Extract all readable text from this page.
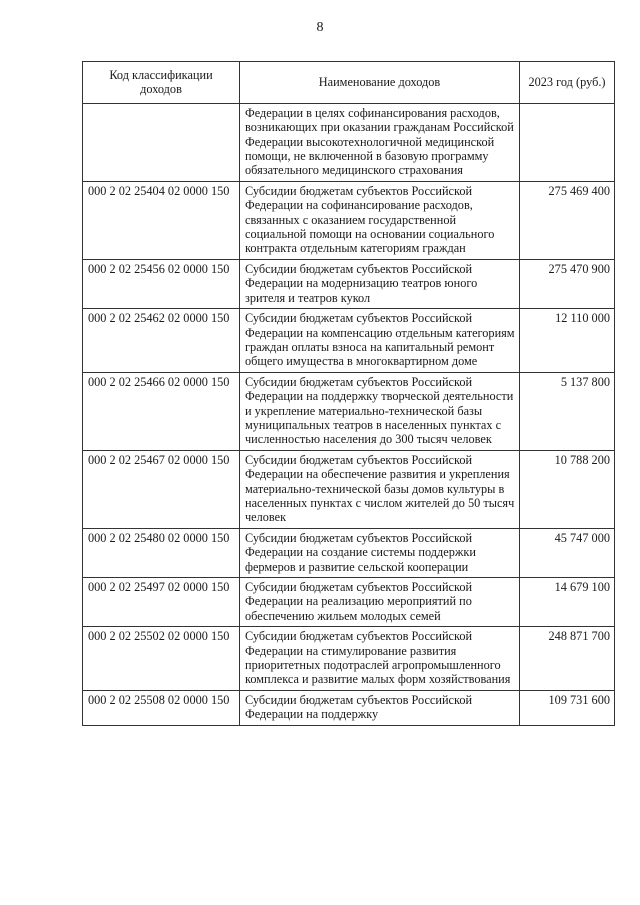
8
Код классификации доходов	Наименование доходов	2023 год (руб.)
	Федерации в целях софинансирования расходов, возникающих при оказании гражданам Российской Федерации высокотехнологичной медицинской помощи, не включенной в базовую программу обязательного медицинского страхования	
000 2 02 25404 02 0000 150	Субсидии бюджетам субъектов Российской Федерации на софинансирование расходов, связанных с оказанием государственной социальной помощи на основании социального контракта отдельным категориям граждан	275 469 400
000 2 02 25456 02 0000 150	Субсидии бюджетам субъектов Российской Федерации на модернизацию театров юного зрителя и театров кукол	275 470 900
000 2 02 25462 02 0000 150	Субсидии бюджетам субъектов Российской Федерации на компенсацию отдельным категориям граждан оплаты взноса на капитальный ремонт общего имущества в многоквартирном доме	12 110 000
000 2 02 25466 02 0000 150	Субсидии бюджетам субъектов Российской Федерации на поддержку творческой деятельности и укрепление материально-технической базы муниципальных театров в населенных пунктах с численностью населения до 300 тысяч человек	5 137 800
000 2 02 25467 02 0000 150	Субсидии бюджетам субъектов Российской Федерации на обеспечение развития и укрепления материально-технической базы домов культуры в населенных пунктах с числом жителей до 50 тысяч человек	10 788 200
000 2 02 25480 02 0000 150	Субсидии бюджетам субъектов Российской Федерации на создание системы поддержки фермеров и развитие сельской кооперации	45 747 000
000 2 02 25497 02 0000 150	Субсидии бюджетам субъектов Российской Федерации на реализацию мероприятий по обеспечению жильем молодых семей	14 679 100
000 2 02 25502 02 0000 150	Субсидии бюджетам субъектов Российской Федерации на стимулирование развития приоритетных подотраслей агропромышленного комплекса и развитие малых форм хозяйствования	248 871 700
000 2 02 25508 02 0000 150	Субсидии бюджетам субъектов Российской Федерации на поддержку	109 731 600
